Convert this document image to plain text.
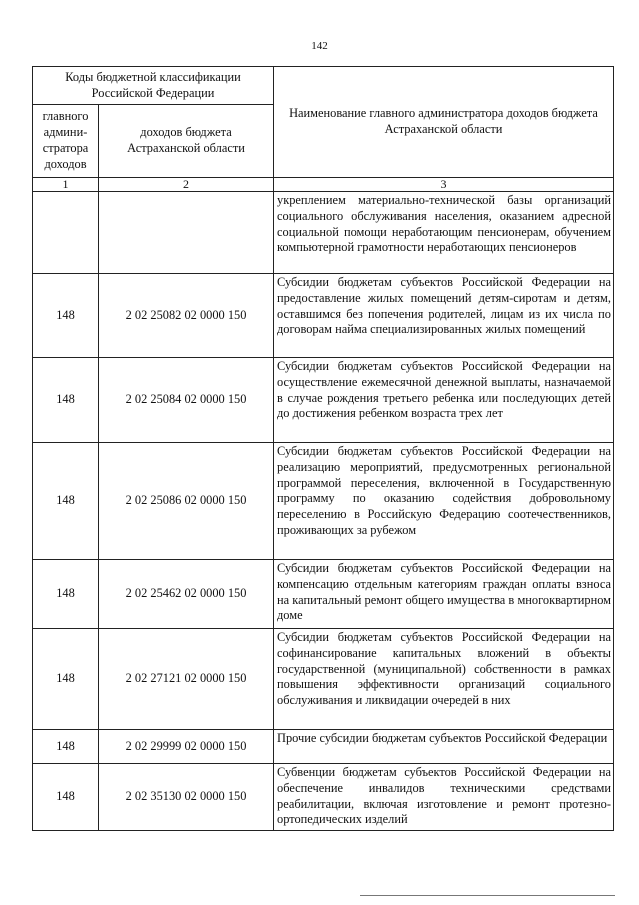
142
Коды бюджетной классификации Российской Федерации		Наименование главного администратора доходов бюджета Астраханской области
главного админи-стратора доходов	доходов бюджета Астраханской области	
1	2	3
		укреплением материально-технической базы организаций социального обслуживания населения, оказанием адресной социальной помощи неработающим пенсионерам, обучением компьютерной грамотности неработающих пенсионеров
148	2 02 25082 02 0000 150	Субсидии бюджетам субъектов Российской Федерации на предоставление жилых помещений детям-сиротам и детям, оставшимся без попечения родителей, лицам из их числа по договорам найма специализированных жилых помещений
148	2 02 25084 02 0000 150	Субсидии бюджетам субъектов Российской Федерации на осуществление ежемесячной денежной выплаты, назначаемой в случае рождения третьего ребенка или последующих детей до достижения ребенком возраста трех лет
148	2 02 25086 02 0000 150	Субсидии бюджетам субъектов Российской Федерации на реализацию мероприятий, предусмотренных региональной программой переселения, включенной в Государственную программу по оказанию содействия добровольному переселению в Российскую Федерацию соотечественников, проживающих за рубежом
148	2 02 25462 02 0000 150	Субсидии бюджетам субъектов Российской Федерации на компенсацию отдельным категориям граждан оплаты взноса на капитальный ремонт общего имущества в многоквартирном доме
148	2 02 27121 02 0000 150	Субсидии бюджетам субъектов Российской Федерации на софинансирование капитальных вложений в объекты государственной (муниципальной) собственности в рамках повышения эффективности организаций социального обслуживания и ликвидации очередей в них
148	2 02 29999 02 0000 150	Прочие субсидии бюджетам субъектов Российской Федерации
148	2 02 35130 02 0000 150	Субвенции бюджетам субъектов Российской Федерации на обеспечение инвалидов техническими средствами реабилитации, включая изготовление и ремонт протезно-ортопедических изделий
